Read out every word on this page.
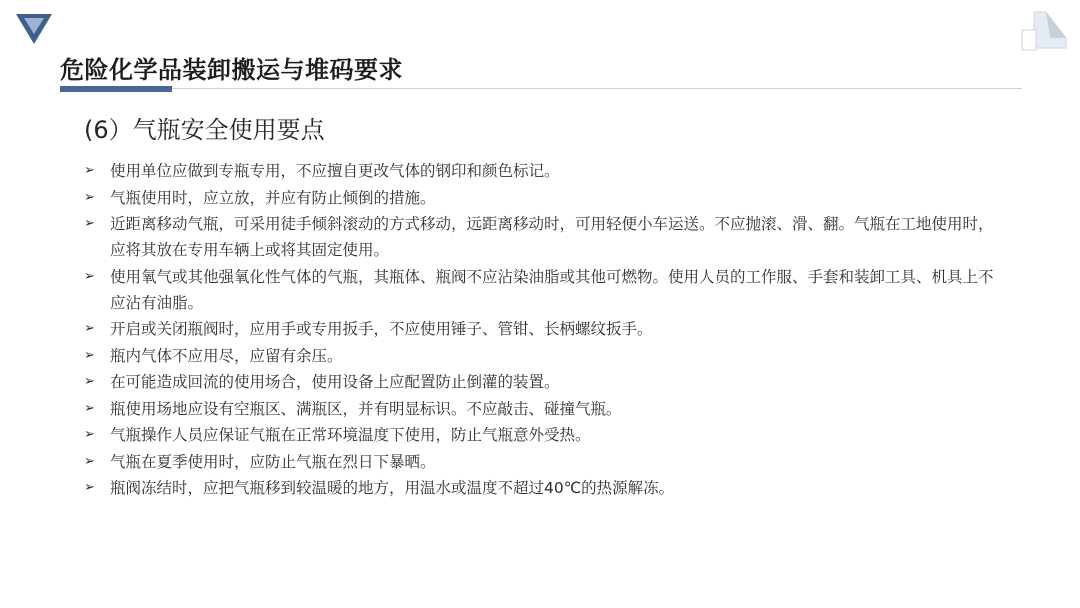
危险化学品装卸搬运与堆码要求
(6）气瓶安全使用要点
➢ 使用单位应做到专瓶专用，不应擅自更改气体的钢印和颜色标记。
➢ 气瓶使用时，应立放，并应有防止倾倒的措施。
➢ 近距离移动气瓶，可采用徒手倾斜滚动的方式移动，远距离移动时，可用轻便小车运送。不应抛滚、滑、翻。气瓶在工地使用时，应将其放在专用车辆上或将其固定使用。
➢ 使用氧气或其他强氧化性气体的气瓶，其瓶体、瓶阀不应沾染油脂或其他可燃物。使用人员的工作服、手套和装卸工具、机具上不应沾有油脂。
➢ 开启或关闭瓶阀时，应用手或专用扳手，不应使用锤子、管钳、长柄螺纹扳手。
➢ 瓶内气体不应用尽，应留有余压。
➢ 在可能造成回流的使用场合，使用设备上应配置防止倒灌的装置。
➢ 瓶使用场地应设有空瓶区、满瓶区，并有明显标识。不应敲击、碰撞气瓶。
➢ 气瓶操作人员应保证气瓶在正常环境温度下使用，防止气瓶意外受热。
➢ 气瓶在夏季使用时，应防止气瓶在烈日下暴晒。
➢ 瓶阀冻结时，应把气瓶移到较温暖的地方，用温水或温度不超过40℃的热源解冻。
